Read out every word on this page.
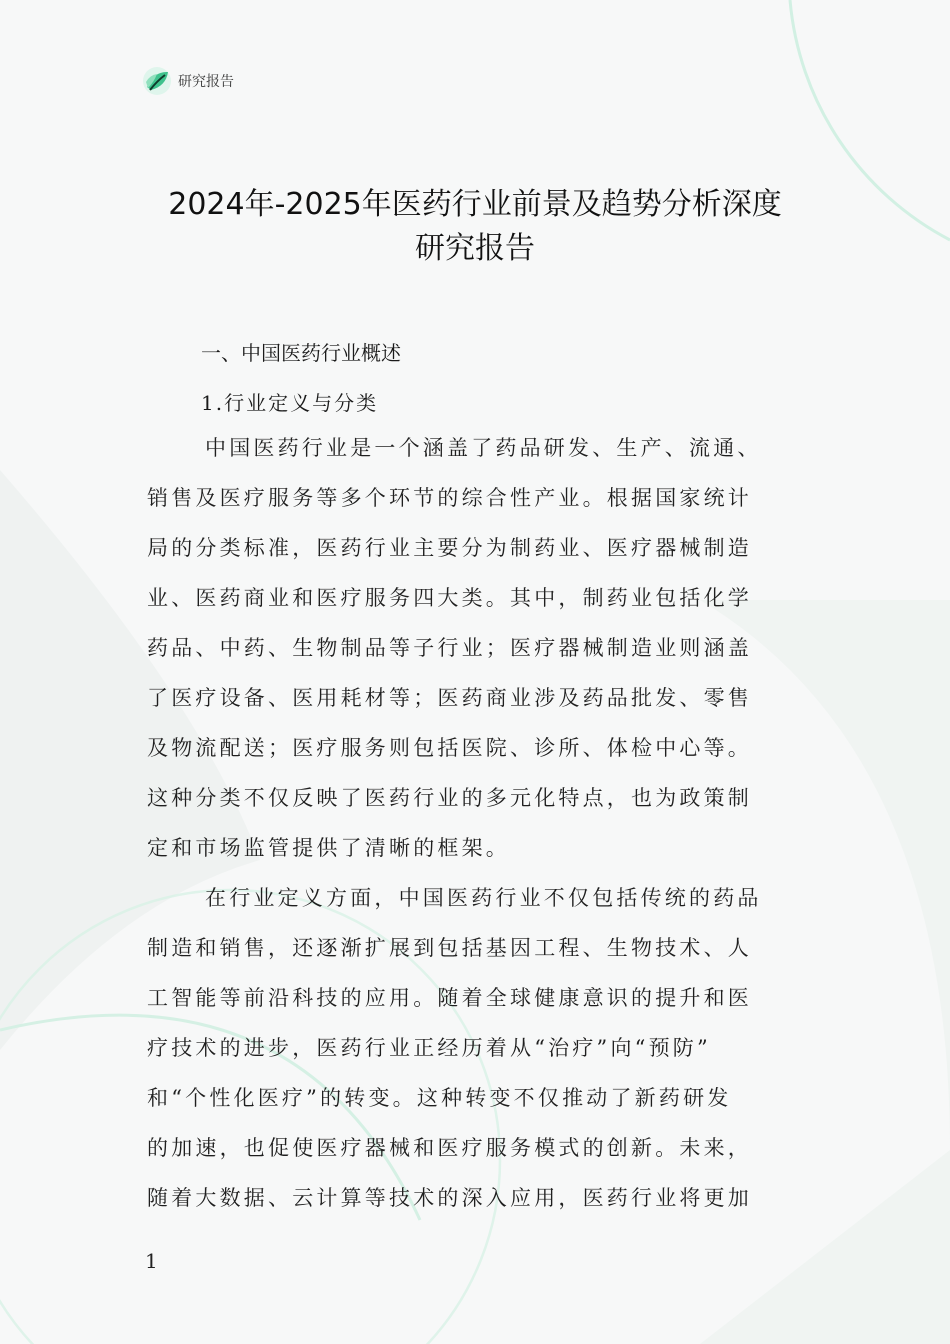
研究报告
2024年-2025年医药行业前景及趋势分析深度
研究报告
一、中国医药行业概述
1.行业定义与分类
中国医药行业是一个涵盖了药品研发、生产、流通、
销售及医疗服务等多个环节的综合性产业。根据国家统计
局的分类标准，医药行业主要分为制药业、医疗器械制造
业、医药商业和医疗服务四大类。其中，制药业包括化学
药品、中药、生物制品等子行业；医疗器械制造业则涵盖
了医疗设备、医用耗材等；医药商业涉及药品批发、零售
及物流配送；医疗服务则包括医院、诊所、体检中心等。
这种分类不仅反映了医药行业的多元化特点，也为政策制
定和市场监管提供了清晰的框架。
在行业定义方面，中国医药行业不仅包括传统的药品
制造和销售，还逐渐扩展到包括基因工程、生物技术、人
工智能等前沿科技的应用。随着全球健康意识的提升和医
疗技术的进步，医药行业正经历着从“治疗”向“预防”
和“个性化医疗”的转变。这种转变不仅推动了新药研发
的加速，也促使医疗器械和医疗服务模式的创新。未来，
随着大数据、云计算等技术的深入应用，医药行业将更加
1
